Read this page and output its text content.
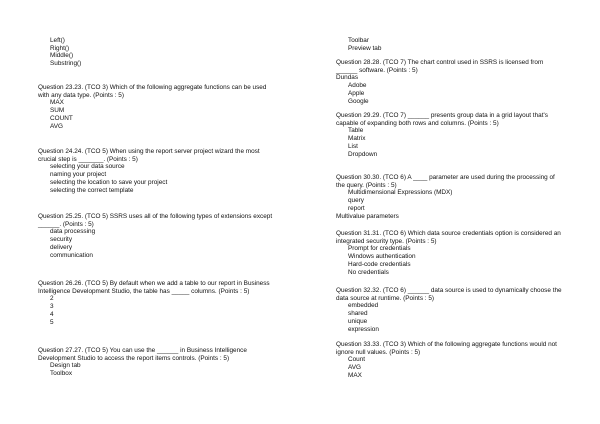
Left()
Right()
Middle()
Substring()

Question 23.23. (TCO 3) Which of the following aggregate functions can be used with any data type. (Points : 5)

MAX
SUM
COUNT
AVG

Question 24.24. (TCO 5) When using the report server project wizard the most crucial step is _______. (Points : 5)

selecting your data source
naming your project
selecting the location to save your project
selecting the correct template

Question 25.25. (TCO 5) SSRS uses all of the following types of extensions except ______. (Points : 5)

data processing
security
delivery
communication

Question 26.26. (TCO 5) By default when we add a table to our report in Business Intelligence Development Studio, the table has _____ columns. (Points : 5)

2
3
4
5

Question 27.27. (TCO 5) You can use the ______ in Business Intelligence Development Studio to access the report items controls. (Points : 5)

Design tab
Toolbox
Toolbar
Preview tab

Question 28.28. (TCO 7) The chart control used in SSRS is licensed from ______ software. (Points : 5)

Dundas
Adobe
Apple
Google

Question 29.29. (TCO 7) ______ presents group data in a grid layout that's capable of expanding both rows and columns. (Points : 5)

Table
Matrix
List
Dropdown

Question 30.30. (TCO 6) A ____ parameter are used during the processing of the query. (Points : 5)

Multidimensional Expressions (MDX)
query
report
Multivalue parameters

Question 31.31. (TCO 6) Which data source credentials option is considered an integrated security type. (Points : 5)

Prompt for credentials
Windows authentication
Hard-code credentials
No credentials

Question 32.32. (TCO 6) ______ data source is used to dynamically choose the data source at runtime. (Points : 5)

embedded
shared
unique
expression

Question 33.33. (TCO 3) Which of the following aggregate functions would not ignore null values. (Points : 5)

Count
AVG
MAX
